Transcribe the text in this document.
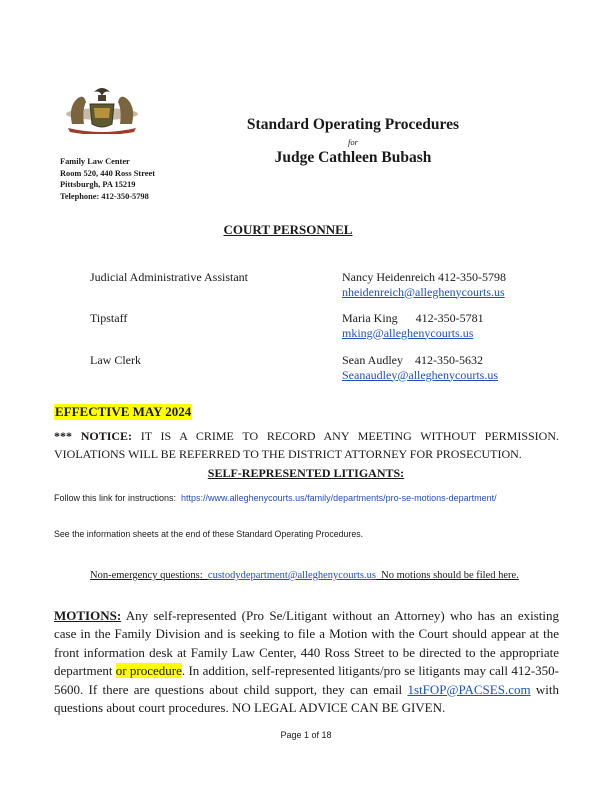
Family Law Center
Room 520, 440 Ross Street
Pittsburgh, PA 15219
Telephone: 412-350-5798
Standard Operating Procedures
for
Judge Cathleen Bubash
COURT PERSONNEL
Judicial Administrative Assistant	Nancy Heidenreich 412-350-5798
nheidenreich@alleghenycourts.us
Tipstaff	Maria King      412-350-5781
mking@alleghenycourts.us
Law Clerk	Sean Audley    412-350-5632
Seanaudley@alleghenycourts.us
EFFECTIVE MAY 2024
*** NOTICE: IT IS A CRIME TO RECORD ANY MEETING WITHOUT PERMISSION. VIOLATIONS WILL BE REFERRED TO THE DISTRICT ATTORNEY FOR PROSECUTION.
SELF-REPRESENTED LITIGANTS:
Follow this link for instructions:  https://www.alleghenycourts.us/family/departments/pro-se-motions-department/
See the information sheets at the end of these Standard Operating Procedures.
Non-emergency questions:  custodydepartment@alleghenycourts.us  No motions should be filed here.
MOTIONS: Any self-represented (Pro Se/Litigant without an Attorney) who has an existing case in the Family Division and is seeking to file a Motion with the Court should appear at the front information desk at Family Law Center, 440 Ross Street to be directed to the appropriate department or procedure. In addition, self-represented litigants/pro se litigants may call 412-350-5600. If there are questions about child support, they can email 1stFOP@PACSES.com with questions about court procedures. NO LEGAL ADVICE CAN BE GIVEN.
Page 1 of 18
